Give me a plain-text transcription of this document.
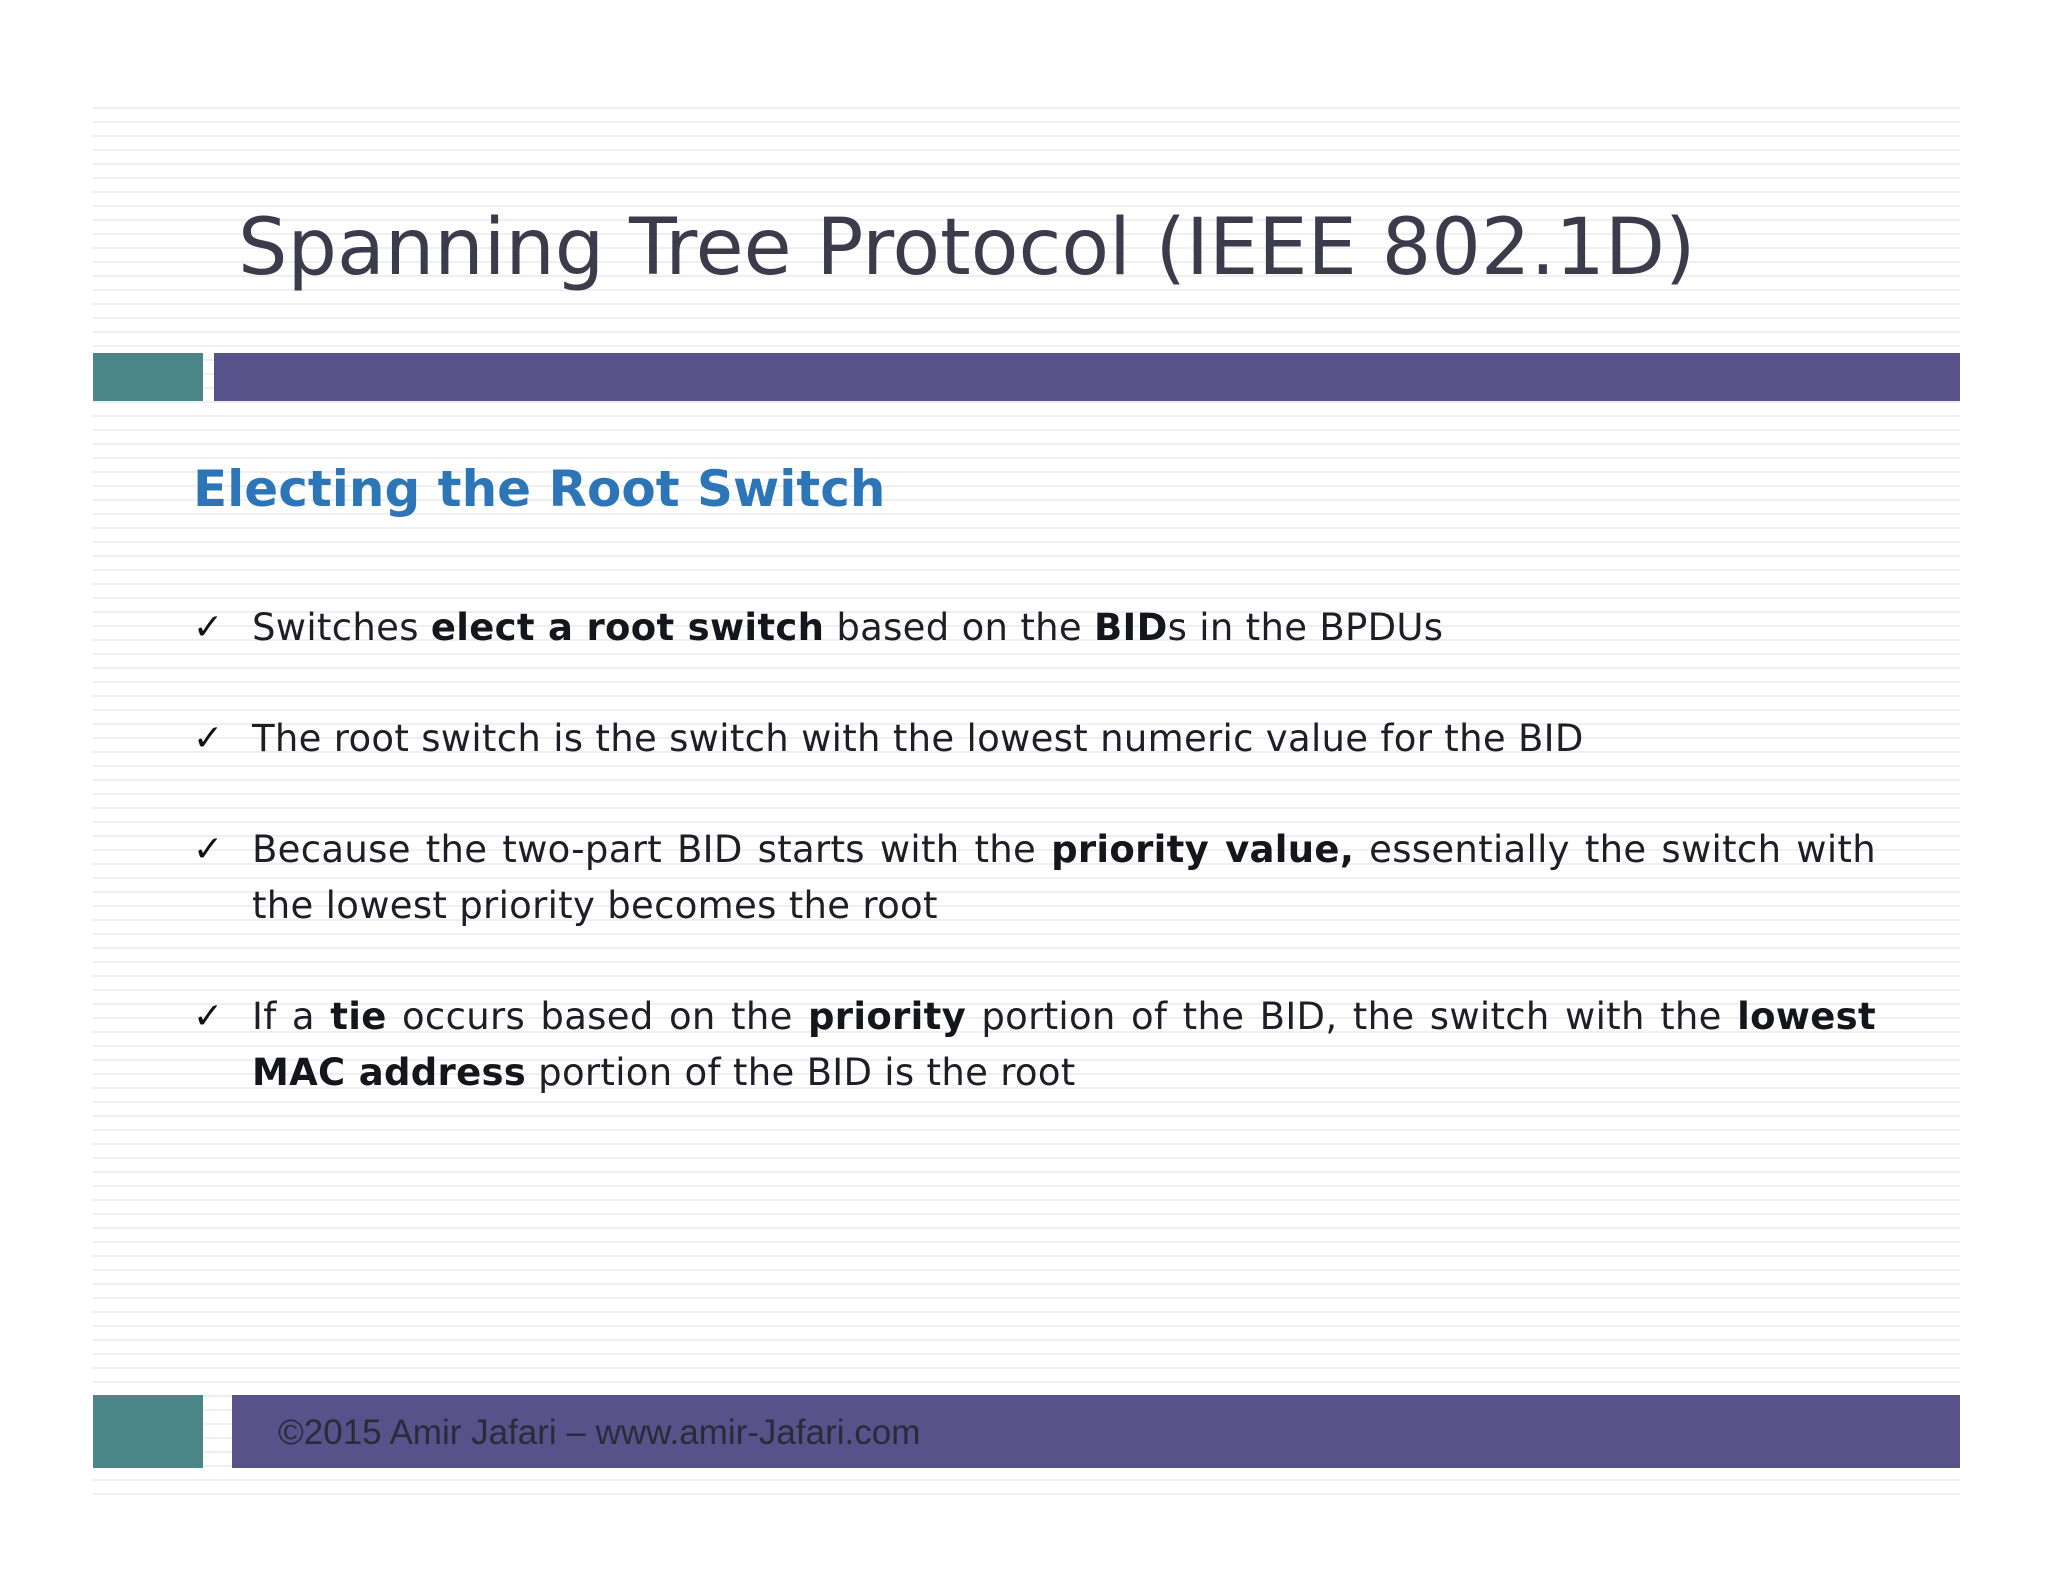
Spanning Tree Protocol (IEEE 802.1D)
Electing the Root Switch
✓ Switches elect a root switch based on the BIDs in the BPDUs
✓ The root switch is the switch with the lowest numeric value for the BID
✓ Because the two-part BID starts with the priority value, essentially the switch with the lowest priority becomes the root
✓ If a tie occurs based on the priority portion of the BID, the switch with the lowest MAC address portion of the BID is the root

©2015 Amir Jafari – www.amir-Jafari.com
